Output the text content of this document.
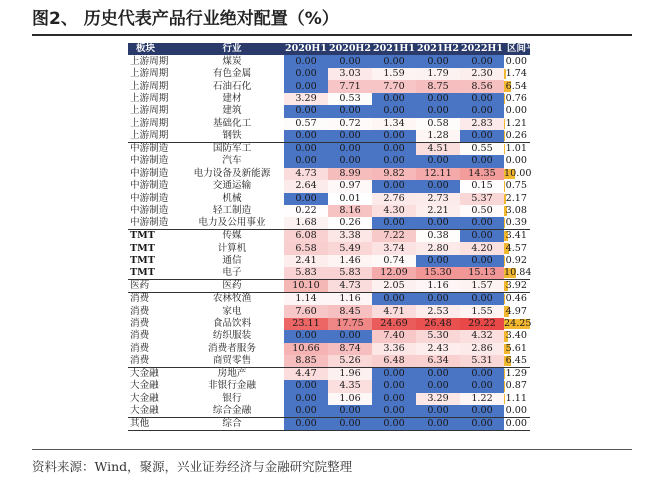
图2、 历史代表产品行业绝对配置（%）
板块	行业	2020H1	2020H2	2021H1	2021H2	2022H1	区间平均配置
上游周期	煤炭	0.00	0.00	0.00	0.00	0.00	0.00

上游周期	有色金属	0.00	3.03	1.59	1.79	2.30	1.74

上游周期	石油石化	0.00	7.71	7.70	8.75	8.56	6.54

上游周期	建材	3.29	0.53	0.00	0.00	0.00	0.76

上游周期	建筑	0.00	0.00	0.00	0.00	0.00	0.00

上游周期	基础化工	0.57	0.72	1.34	0.58	2.83	1.21

上游周期	钢铁	0.00	0.00	0.00	1.28	0.00	0.26

中游制造	国防军工	0.00	0.00	0.00	4.51	0.55	1.01

中游制造	汽车	0.00	0.00	0.00	0.00	0.00	0.00

中游制造	电力设备及新能源	4.73	8.99	9.82	12.11	14.35	10.00

中游制造	交通运输	2.64	0.97	0.00	0.00	0.15	0.75

中游制造	机械	0.00	0.01	2.76	2.73	5.37	2.17

中游制造	轻工制造	0.22	8.16	4.30	2.21	0.50	3.08

中游制造	电力及公用事业	1.68	0.26	0.00	0.00	0.00	0.39

TMT	传媒	6.08	3.38	7.22	0.38	0.00	3.41

TMT	计算机	6.58	5.49	3.74	2.80	4.20	4.57

TMT	通信	2.41	1.46	0.74	0.00	0.00	0.92

TMT	电子	5.83	5.83	12.09	15.30	15.13	10.84

医药	医药	10.10	4.73	2.05	1.16	1.57	3.92

消费	农林牧渔	1.14	1.16	0.00	0.00	0.00	0.46

消费	家电	7.60	8.45	4.71	2.53	1.55	4.97

消费	食品饮料	23.11	17.75	24.69	26.48	29.22	24.25

消费	纺织服装	0.00	0.00	7.40	5.30	4.32	3.40

消费	消费者服务	10.66	8.74	3.36	2.43	2.86	5.61

消费	商贸零售	8.85	5.26	6.48	6.34	5.31	6.45

大金融	房地产	4.47	1.96	0.00	0.00	0.00	1.29

大金融	非银行金融	0.00	4.35	0.00	0.00	0.00	0.87

大金融	银行	0.00	1.06	0.00	3.29	1.22	1.11

大金融	综合金融	0.00	0.00	0.00	0.00	0.00	0.00

其他	综合	0.00	0.00	0.00	0.00	0.00	0.00
资料来源：Wind，聚源，兴业证券经济与金融研究院整理
